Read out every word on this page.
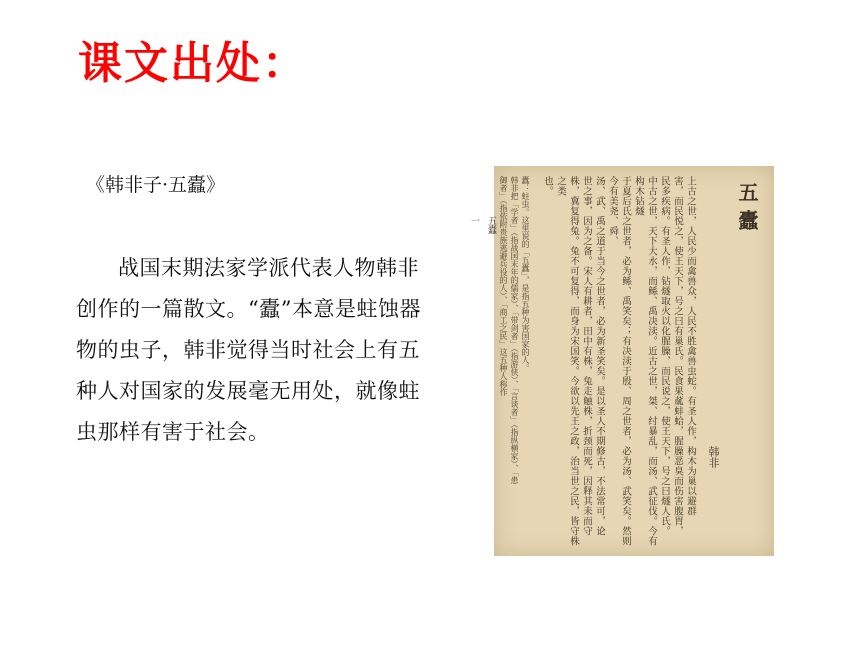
课文出处：

《韩非子·五蠹》

战国末期法家学派代表人物韩非创作的一篇散文。“蠹”本意是蛀蚀器物的虫子，韩非觉得当时社会上有五种人对国家的发展毫无用处，就像蛀虫那样有害于社会。

五蠹
韩非

上古之世，人民少而禽兽众，人民不胜禽兽虫蛇。有圣人作，构木为巢以避群

害，而民悦之，使王天下，号之曰有巢氏。民食果蓏蚌蛤，腥臊恶臭而伤害腹胃，

民多疾病。有圣人作，钻燧取火以化腥臊，而民说之，使王天下，号之曰燧人氏。

中古之世，天下大水，而鲧、禹决渎。近古之世，桀、纣暴乱，而汤、武征伐。今有构木钻燧

于夏后氏之世者，必为鲧、禹笑矣；有决渎于殷、周之世者，必为汤、武笑矣。然则今有美尧、舜、

汤、武、禹之道于当今之世者，必为新圣笑矣。是以圣人不期修古，不法常可，论

世之事，因为之备。宋人有耕者，田中有株，兔走触株，折颈而死，因释其耒而守

株，冀复得兔。兔不可复得，而身为宋国笑。今欲以先王之政，治当世之民，皆守株之类

也。

蠹：蛀虫。这里说的「五蠹」，是指五种为害国家的人。

韩非把「学者」（指战国末年的儒家）、「带剑者」（指游侠）、「言谈者」（指纵横家）、「患

御者」（指依附贵族逃避兵役的人）、「商工之民」这五种人称作

五蠹
一
